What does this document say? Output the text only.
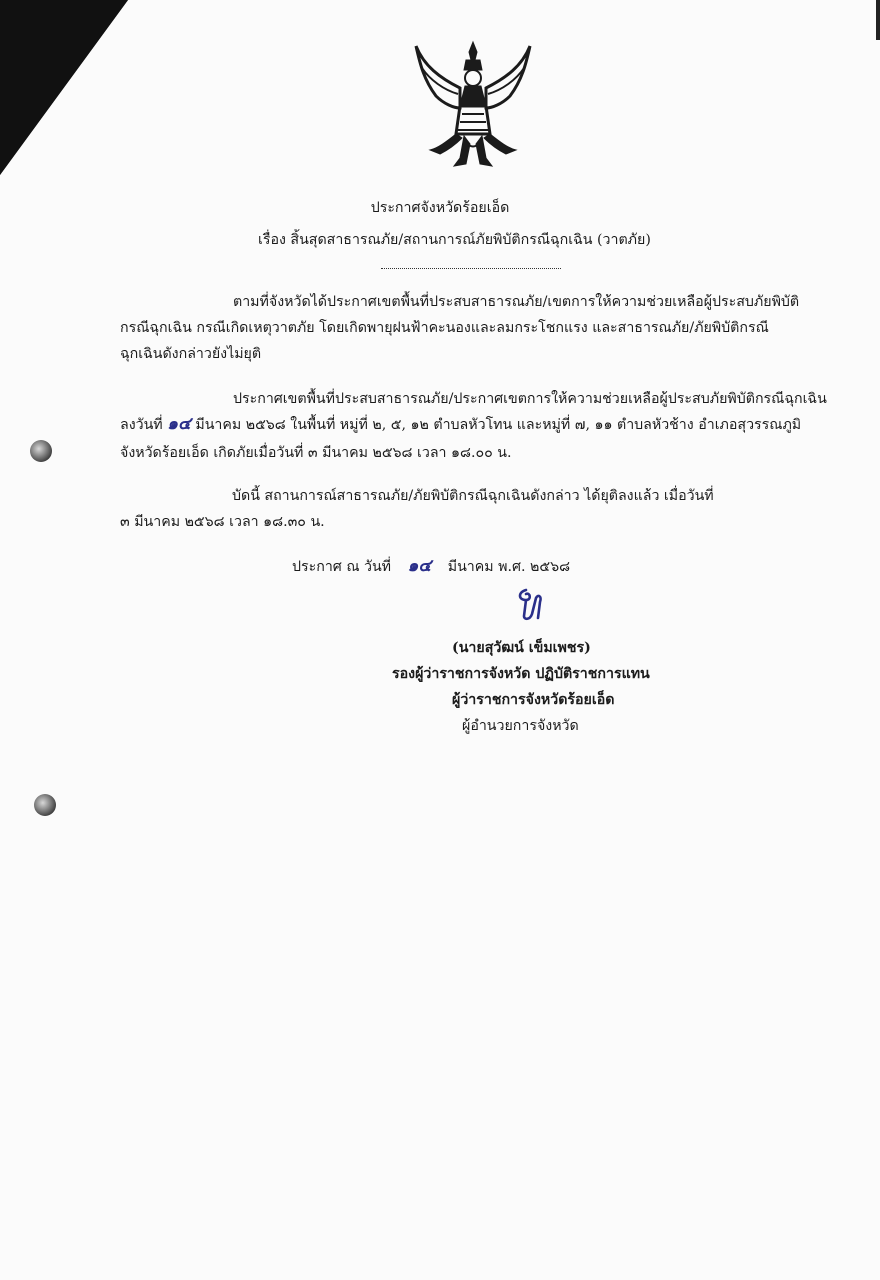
ประกาศจังหวัดร้อยเอ็ด
เรื่อง สิ้นสุดสาธารณภัย/สถานการณ์ภัยพิบัติกรณีฉุกเฉิน (วาตภัย)
ตามที่จังหวัดได้ประกาศเขตพื้นที่ประสบสาธารณภัย/เขตการให้ความช่วยเหลือผู้ประสบภัยพิบัติ
กรณีฉุกเฉิน กรณีเกิดเหตุวาตภัย โดยเกิดพายุฝนฟ้าคะนองและลมกระโชกแรง และสาธารณภัย/ภัยพิบัติกรณี
ฉุกเฉินดังกล่าวยังไม่ยุติ
ประกาศเขตพื้นที่ประสบสาธารณภัย/ประกาศเขตการให้ความช่วยเหลือผู้ประสบภัยพิบัติกรณีฉุกเฉิน
ลงวันที่ ๑๔ มีนาคม ๒๕๖๘ ในพื้นที่ หมู่ที่ ๒, ๕, ๑๒ ตำบลหัวโทน และหมู่ที่ ๗, ๑๑ ตำบลหัวช้าง อำเภอสุวรรณภูมิ
จังหวัดร้อยเอ็ด เกิดภัยเมื่อวันที่ ๓ มีนาคม ๒๕๖๘ เวลา ๑๘.๐๐ น.
บัดนี้ สถานการณ์สาธารณภัย/ภัยพิบัติกรณีฉุกเฉินดังกล่าว ได้ยุติลงแล้ว เมื่อวันที่
๓ มีนาคม ๒๕๖๘ เวลา ๑๘.๓๐ น.
ประกาศ ณ วันที่ ๑๔ มีนาคม พ.ศ. ๒๕๖๘
(นายสุวัฒน์ เข็มเพชร)
รองผู้ว่าราชการจังหวัด ปฏิบัติราชการแทน
ผู้ว่าราชการจังหวัดร้อยเอ็ด
ผู้อำนวยการจังหวัด
